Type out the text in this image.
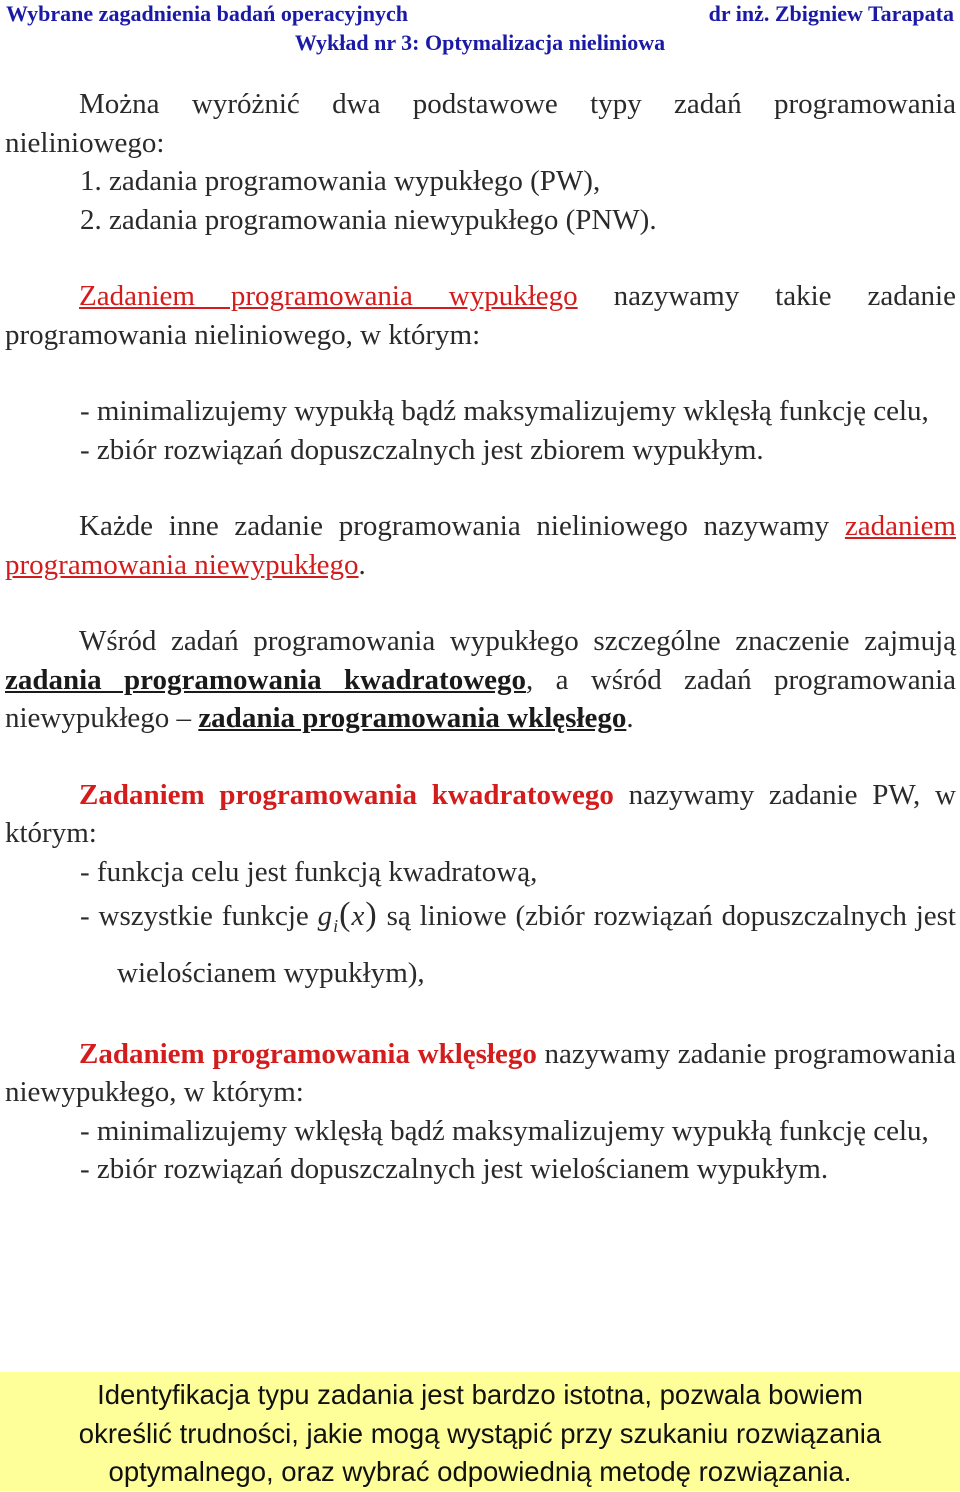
Wybrane zagadnienia badań operacyjnych	dr inż. Zbigniew Tarapata
Wykład nr 3: Optymalizacja nieliniowa

Można wyróżnić dwa podstawowe typy zadań programowania nieliniowego:

1. zadania programowania wypukłego (PW),
2. zadania programowania niewypukłego (PNW).

Zadaniem programowania wypukłego nazywamy takie zadanie programowania nieliniowego, w którym:

- minimalizujemy wypukłą bądź maksymalizujemy wklęsłą funkcję celu,
- zbiór rozwiązań dopuszczalnych jest zbiorem wypukłym.

Każde inne zadanie programowania nieliniowego nazywamy zadaniem programowania niewypukłego.

Wśród zadań programowania wypukłego szczególne znaczenie zajmują zadania programowania kwadratowego, a wśród zadań programowania niewypukłego – zadania programowania wklęsłego.

Zadaniem programowania kwadratowego nazywamy zadanie PW, w którym:

- funkcja celu jest funkcją kwadratową,
- wszystkie funkcje $g_i(x)$ są liniowe (zbiór rozwiązań dopuszczalnych jest wielościanem wypukłym),

Zadaniem programowania wklęsłego nazywamy zadanie programowania niewypukłego, w którym:

- minimalizujemy wklęsłą bądź maksymalizujemy wypukłą funkcję celu,
- zbiór rozwiązań dopuszczalnych jest wielościanem wypukłym.
Identyfikacja typu zadania jest bardzo istotna, pozwala bowiem
określić trudności, jakie mogą wystąpić przy szukaniu rozwiązania
optymalnego, oraz wybrać odpowiednią metodę rozwiązania.
